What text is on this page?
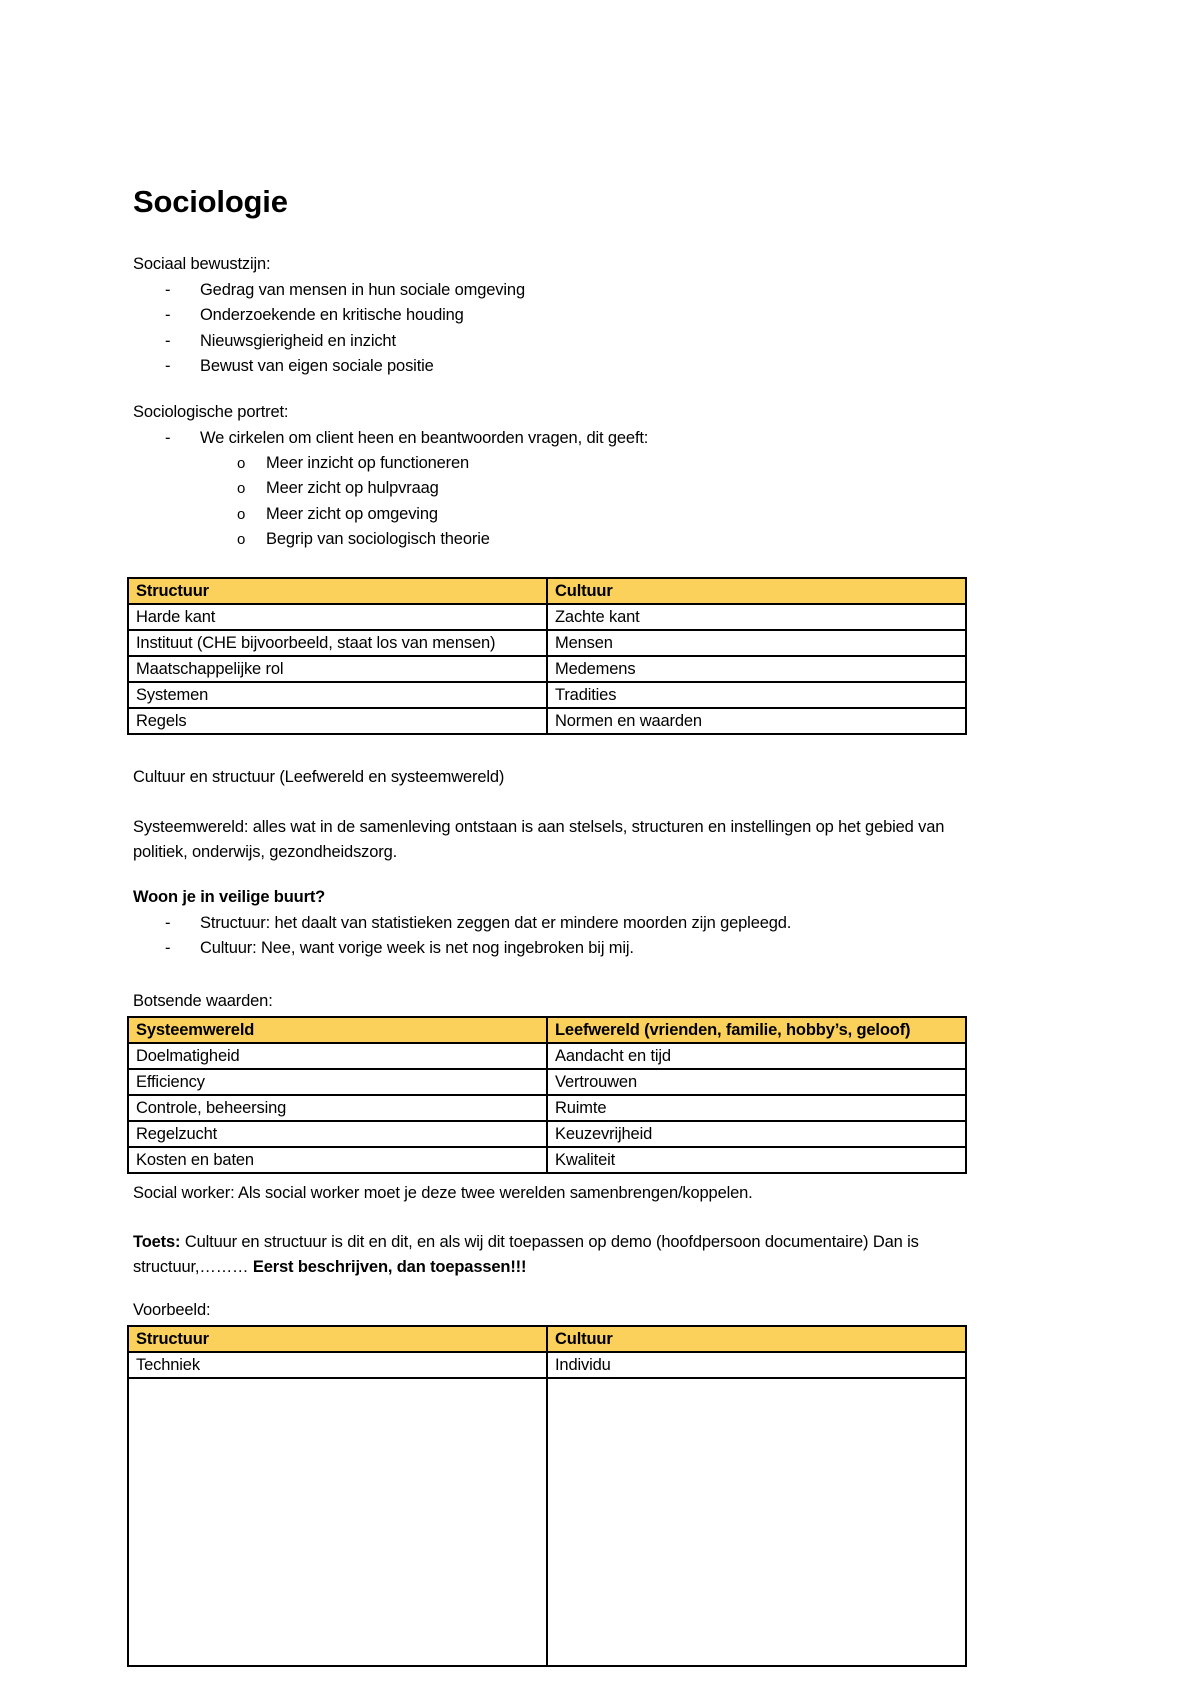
Sociologie

Sociaal bewustzijn:

-	Gedrag van mensen in hun sociale omgeving
-	Onderzoekende en kritische houding
-	Nieuwsgierigheid en inzicht
-	Bewust van eigen sociale positie

Sociologische portret:

-	We cirkelen om client heen en beantwoorden vragen, dit geeft:
o	Meer inzicht op functioneren
o	Meer zicht op hulpvraag
o	Meer zicht op omgeving
o	Begrip van sociologisch theorie
Structuur	Cultuur
Harde kant	Zachte kant
Instituut (CHE bijvoorbeeld, staat los van mensen)	Mensen
Maatschappelijke rol	Medemens
Systemen	Tradities
Regels	Normen en waarden

Cultuur en structuur (Leefwereld en systeemwereld)

Systeemwereld: alles wat in de samenleving ontstaan is aan stelsels, structuren en instellingen op het gebied van politiek, onderwijs, gezondheidszorg.

Woon je in veilige buurt?

-	Structuur: het daalt van statistieken zeggen dat er mindere moorden zijn gepleegd.
-	Cultuur: Nee, want vorige week is net nog ingebroken bij mij.

Botsende waarden:

Systeemwereld	Leefwereld (vrienden, familie, hobby’s, geloof)
Doelmatigheid	Aandacht en tijd
Efficiency	Vertrouwen
Controle, beheersing	Ruimte
Regelzucht	Keuzevrijheid
Kosten en baten	Kwaliteit

Social worker: Als social worker moet je deze twee werelden samenbrengen/koppelen.

Toets: Cultuur en structuur is dit en dit, en als wij dit toepassen op demo (hoofdpersoon documentaire) Dan is structuur,……… Eerst beschrijven, dan toepassen!!!

Voorbeeld:

Structuur	Cultuur
Techniek	Individu
